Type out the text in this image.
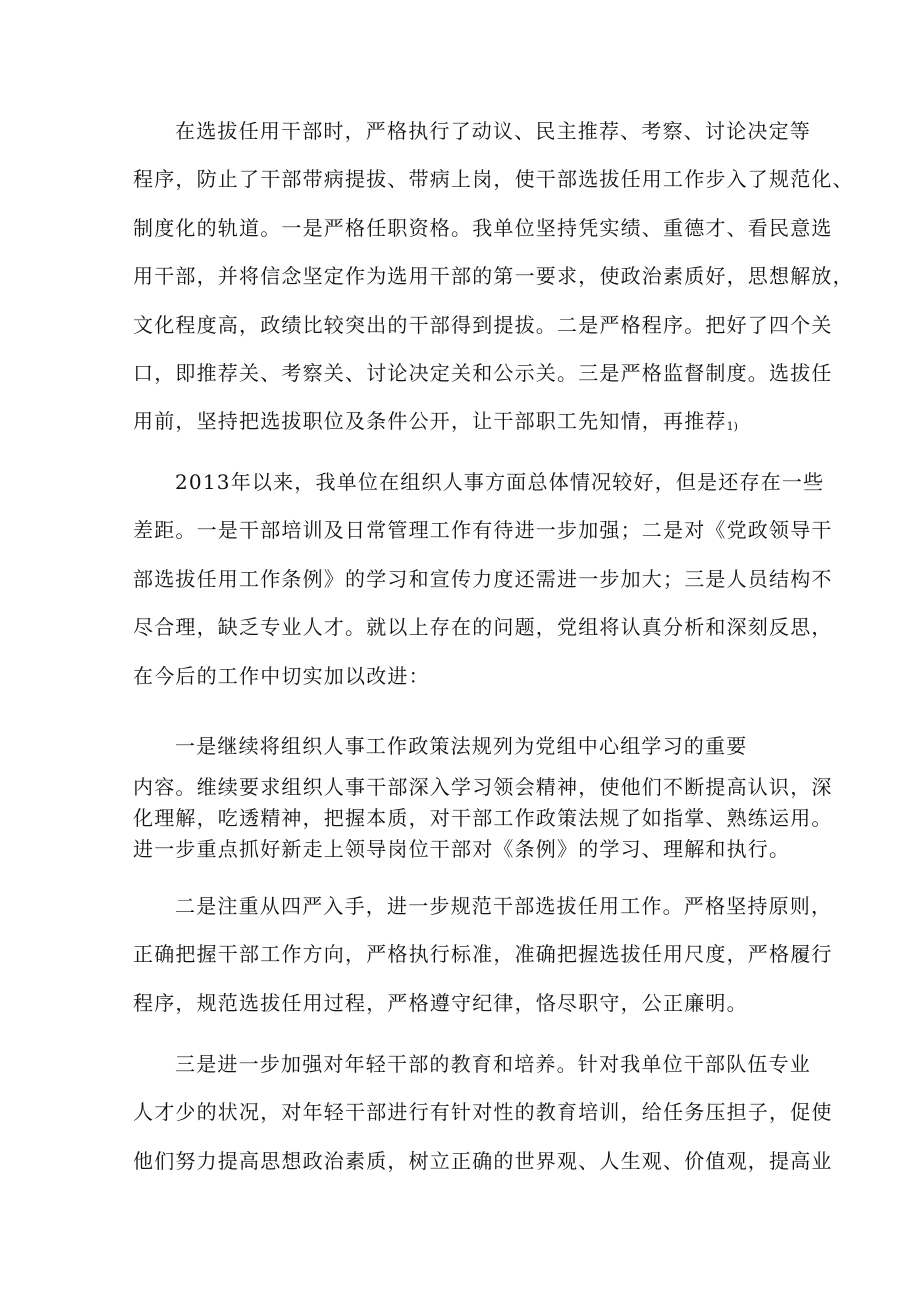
在选拔任用干部时，严格执行了动议、民主推荐、考察、讨论决定等
程序，防止了干部带病提拔、带病上岗，使干部选拔任用工作步入了规范化、
制度化的轨道。一是严格任职资格。我单位坚持凭实绩、重德才、看民意选
用干部，并将信念坚定作为选用干部的第一要求，使政治素质好，思想解放，
文化程度高，政绩比较突出的干部得到提拔。二是严格程序。把好了四个关
口，即推荐关、考察关、讨论决定关和公示关。三是严格监督制度。选拔任
用前，坚持把选拔职位及条件公开，让干部职工先知情，再推荐1)

2013年以来，我单位在组织人事方面总体情况较好，但是还存在一些
差距。一是干部培训及日常管理工作有待进一步加强；二是对《党政领导干
部选拔任用工作条例》的学习和宣传力度还需进一步加大；三是人员结构不
尽合理，缺乏专业人才。就以上存在的问题，党组将认真分析和深刻反思，
在今后的工作中切实加以改进：

一是继续将组织人事工作政策法规列为党组中心组学习的重要

内容。维续要求组织人事干部深入学习领会精神，使他们不断提高认识，深
化理解，吃透精神，把握本质，对干部工作政策法规了如指掌、熟练运用。
进一步重点抓好新走上领导岗位干部对《条例》的学习、理解和执行。

二是注重从四严入手，进一步规范干部选拔任用工作。严格坚持原则，
正确把握干部工作方向，严格执行标准，准确把握选拔任用尺度，严格履行
程序，规范选拔任用过程，严格遵守纪律，恪尽职守，公正廉明。

三是进一步加强对年轻干部的教育和培养。针对我单位干部队伍专业
人才少的状况，对年轻干部进行有针对性的教育培训，给任务压担子，促使
他们努力提高思想政治素质，树立正确的世界观、人生观、价值观，提高业
